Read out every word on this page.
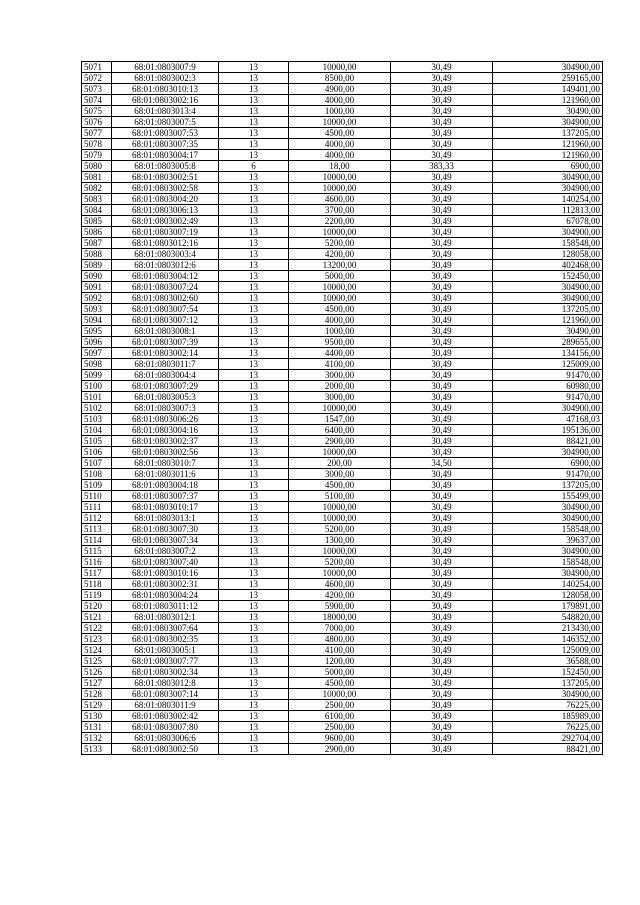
5071	68:01:0803007:9	13	10000,00	30,49	304900,00
5072	68:01:0803002:3	13	8500,00	30,49	259165,00
5073	68:01:0803010:13	13	4900,00	30,49	149401,00
5074	68:01:0803002:16	13	4000,00	30,49	121960,00
5075	68:01:0803013:4	13	1000,00	30,49	30490,00
5076	68:01:0803007:5	13	10000,00	30,49	304900,00
5077	68:01:0803007:53	13	4500,00	30,49	137205,00
5078	68:01:0803007:35	13	4000,00	30,49	121960,00
5079	68:01:0803004:17	13	4000,00	30,49	121960,00
5080	68:01:0803005:8	6	18,00	383,33	6900,00
5081	68:01:0803002:51	13	10000,00	30,49	304900,00
5082	68:01:0803002:58	13	10000,00	30,49	304900,00
5083	68:01:0803004:20	13	4600,00	30,49	140254,00
5084	68:01:0803006:13	13	3700,00	30,49	112813,00
5085	68:01:0803002:49	13	2200,00	30,49	67078,00
5086	68:01:0803007:19	13	10000,00	30,49	304900,00
5087	68:01:0803012:16	13	5200,00	30,49	158548,00
5088	68:01:0803003:4	13	4200,00	30,49	128058,00
5089	68:01:0803012:6	13	13200,00	30,49	402468,00
5090	68:01:0803004:12	13	5000,00	30,49	152450,00
5091	68:01:0803007:24	13	10000,00	30,49	304900,00
5092	68:01:0803002:60	13	10000,00	30,49	304900,00
5093	68:01:0803007:54	13	4500,00	30,49	137205,00
5094	68:01:0803007:12	13	4000,00	30,49	121960,00
5095	68:01:0803008:1	13	1000,00	30,49	30490,00
5096	68:01:0803007:39	13	9500,00	30,49	289655,00
5097	68:01:0803002:14	13	4400,00	30,49	134156,00
5098	68:01:0803011:7	13	4100,00	30,49	125009,00
5099	68:01:0803004:4	13	3000,00	30,49	91470,00
5100	68:01:0803007:29	13	2000,00	30,49	60980,00
5101	68:01:0803005:3	13	3000,00	30,49	91470,00
5102	68:01:0803007:3	13	10000,00	30,49	304900,00
5103	68:01:0803006:26	13	1547,00	30,49	47168,03
5104	68:01:0803004:16	13	6400,00	30,49	195136,00
5105	68:01:0803002:37	13	2900,00	30,49	88421,00
5106	68:01:0803002:56	13	10000,00	30,49	304900,00
5107	68:01:0803010:7	13	200,00	34,50	6900,00
5108	68:01:0803011:6	13	3000,00	30,49	91470,00
5109	68:01:0803004:18	13	4500,00	30,49	137205,00
5110	68:01:0803007:37	13	5100,00	30,49	155499,00
5111	68:01:0803010:17	13	10000,00	30,49	304900,00
5112	68:01:0803013:1	13	10000,00	30,49	304900,00
5113	68:01:0803007:30	13	5200,00	30,49	158548,00
5114	68:01:0803007:34	13	1300,00	30,49	39637,00
5115	68:01:0803007:2	13	10000,00	30,49	304900,00
5116	68:01:0803007:40	13	5200,00	30,49	158548,00
5117	68:01:0803010:16	13	10000,00	30,49	304900,00
5118	68:01:0803002:31	13	4600,00	30,49	140254,00
5119	68:01:0803004:24	13	4200,00	30,49	128058,00
5120	68:01:0803011:12	13	5900,00	30,49	179891,00
5121	68:01:0803012:1	13	18000,00	30,49	548820,00
5122	68:01:0803007:64	13	7000,00	30,49	213430,00
5123	68:01:0803002:35	13	4800,00	30,49	146352,00
5124	68:01:0803005:1	13	4100,00	30,49	125009,00
5125	68:01:0803007:77	13	1200,00	30,49	36588,00
5126	68:01:0803002:34	13	5000,00	30,49	152450,00
5127	68:01:0803012:8	13	4500,00	30,49	137205,00
5128	68:01:0803007:14	13	10000,00	30,49	304900,00
5129	68:01:0803011:9	13	2500,00	30,49	76225,00
5130	68:01:0803002:42	13	6100,00	30,49	185989,00
5131	68:01:0803007:80	13	2500,00	30,49	76225,00
5132	68:01:0803006:6	13	9600,00	30,49	292704,00
5133	68:01:0803002:50	13	2900,00	30,49	88421,00
